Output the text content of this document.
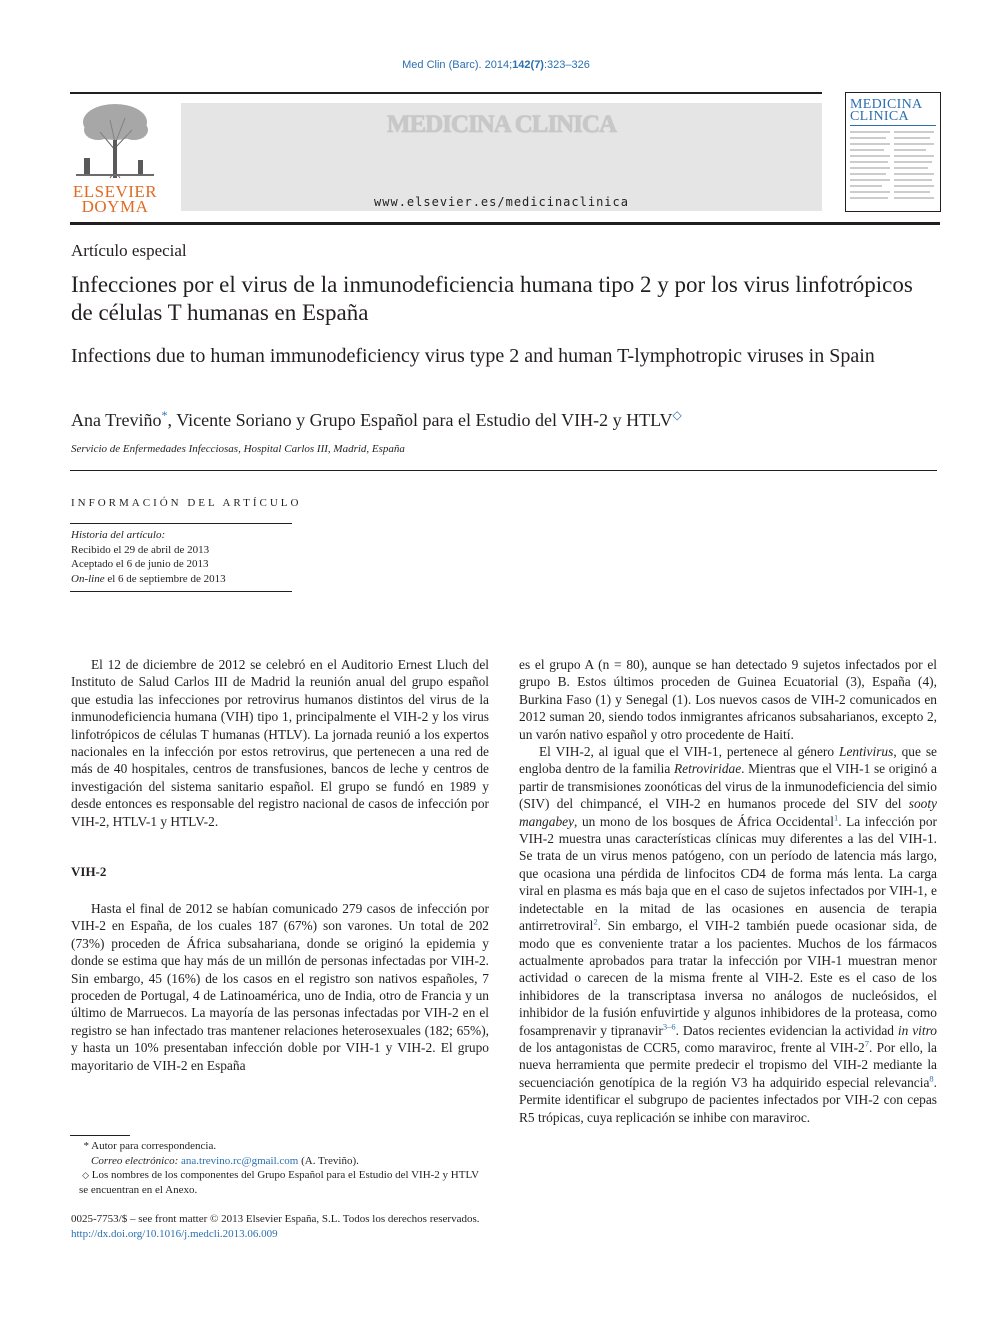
Med Clin (Barc). 2014;142(7):323–326
ELSEVIER
DOYMA
MEDICINA CLINICA
www.elsevier.es/medicinaclinica
MEDICINA
CLINICA
Artículo especial
Infecciones por el virus de la inmunodeficiencia humana tipo 2 y por los virus linfotrópicos de células T humanas en España
Infections due to human immunodeficiency virus type 2 and human T-lymphotropic viruses in Spain
Ana Treviño*, Vicente Soriano y Grupo Español para el Estudio del VIH-2 y HTLV◇
Servicio de Enfermedades Infecciosas, Hospital Carlos III, Madrid, España
INFORMACIÓN DEL ARTÍCULO
Historia del artículo:
Recibido el 29 de abril de 2013
Aceptado el 6 de junio de 2013
On-line el 6 de septiembre de 2013

El 12 de diciembre de 2012 se celebró en el Auditorio Ernest Lluch del Instituto de Salud Carlos III de Madrid la reunión anual del grupo español que estudia las infecciones por retrovirus humanos distintos del virus de la inmunodeficiencia humana (VIH) tipo 1, principalmente el VIH-2 y los virus linfotrópicos de células T humanas (HTLV). La jornada reunió a los expertos nacionales en la infección por estos retrovirus, que pertenecen a una red de más de 40 hospitales, centros de transfusiones, bancos de leche y centros de investigación del sistema sanitario español. El grupo se fundó en 1989 y desde entonces es responsable del registro nacional de casos de infección por VIH-2, HTLV-1 y HTLV-2.

VIH-2

Hasta el final de 2012 se habían comunicado 279 casos de infección por VIH-2 en España, de los cuales 187 (67%) son varones. Un total de 202 (73%) proceden de África subsahariana, donde se originó la epidemia y donde se estima que hay más de un millón de personas infectadas por VIH-2. Sin embargo, 45 (16%) de los casos en el registro son nativos españoles, 7 proceden de Portugal, 4 de Latinoamérica, uno de India, otro de Francia y un último de Marruecos. La mayoría de las personas infectadas por VIH-2 en el registro se han infectado tras mantener relaciones heterosexuales (182; 65%), y hasta un 10% presentaban infección doble por VIH-1 y VIH-2. El grupo mayoritario de VIH-2 en España

es el grupo A (n = 80), aunque se han detectado 9 sujetos infectados por el grupo B. Estos últimos proceden de Guinea Ecuatorial (3), España (4), Burkina Faso (1) y Senegal (1). Los nuevos casos de VIH-2 comunicados en 2012 suman 20, siendo todos inmigrantes africanos subsaharianos, excepto 2, un varón nativo español y otro procedente de Haití.

El VIH-2, al igual que el VIH-1, pertenece al género Lentivirus, que se engloba dentro de la familia Retroviridae. Mientras que el VIH-1 se originó a partir de transmisiones zoonóticas del virus de la inmunodeficiencia del simio (SIV) del chimpancé, el VIH-2 en humanos procede del SIV del sooty mangabey, un mono de los bosques de África Occidental$^1$. La infección por VIH-2 muestra unas características clínicas muy diferentes a las del VIH-1. Se trata de un virus menos patógeno, con un período de latencia más largo, que ocasiona una pérdida de linfocitos CD4 de forma más lenta. La carga viral en plasma es más baja que en el caso de sujetos infectados por VIH-1, e indetectable en la mitad de las ocasiones en ausencia de terapia antirretroviral$^2$. Sin embargo, el VIH-2 también puede ocasionar sida, de modo que es conveniente tratar a los pacientes. Muchos de los fármacos actualmente aprobados para tratar la infección por VIH-1 muestran menor actividad o carecen de la misma frente al VIH-2. Este es el caso de los inhibidores de la transcriptasa inversa no análogos de nucleósidos, el inhibidor de la fusión enfuvirtide y algunos inhibidores de la proteasa, como fosamprenavir y tipranavir$^{3-6}$. Datos recientes evidencian la actividad in vitro de los antagonistas de CCR5, como maraviroc, frente al VIH-2$^7$. Por ello, la nueva herramienta que permite predecir el tropismo del VIH-2 mediante la secuenciación genotípica de la región V3 ha adquirido especial relevancia$^8$. Permite identificar el subgrupo de pacientes infectados por VIH-2 con cepas R5 trópicas, cuya replicación se inhibe con maraviroc.

* Autor para correspondencia.
Correo electrónico: ana.trevino.rc@gmail.com (A. Treviño).
◇ Los nombres de los componentes del Grupo Español para el Estudio del VIH-2 y HTLV se encuentran en el Anexo.
0025-7753/$ – see front matter © 2013 Elsevier España, S.L. Todos los derechos reservados.
http://dx.doi.org/10.1016/j.medcli.2013.06.009
